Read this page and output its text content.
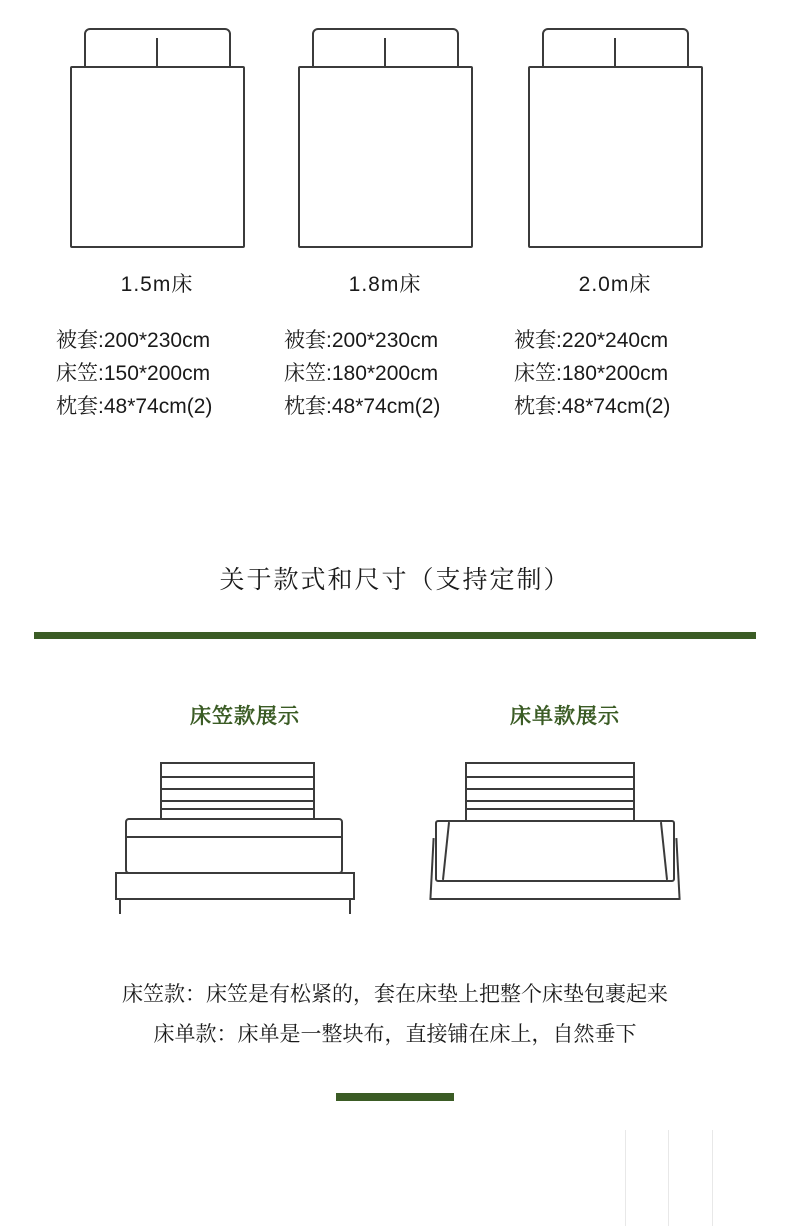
1.5m床
被套:200*230cm
床笠:150*200cm
枕套:48*74cm(2)
1.8m床
被套:200*230cm
床笠:180*200cm
枕套:48*74cm(2)
2.0m床
被套:220*240cm
床笠:180*200cm
枕套:48*74cm(2)
关于款式和尺寸（支持定制）
床笠款展示	床单款展示
床笠款：床笠是有松紧的，套在床垫上把整个床垫包裹起来
床单款：床单是一整块布，直接铺在床上，自然垂下
